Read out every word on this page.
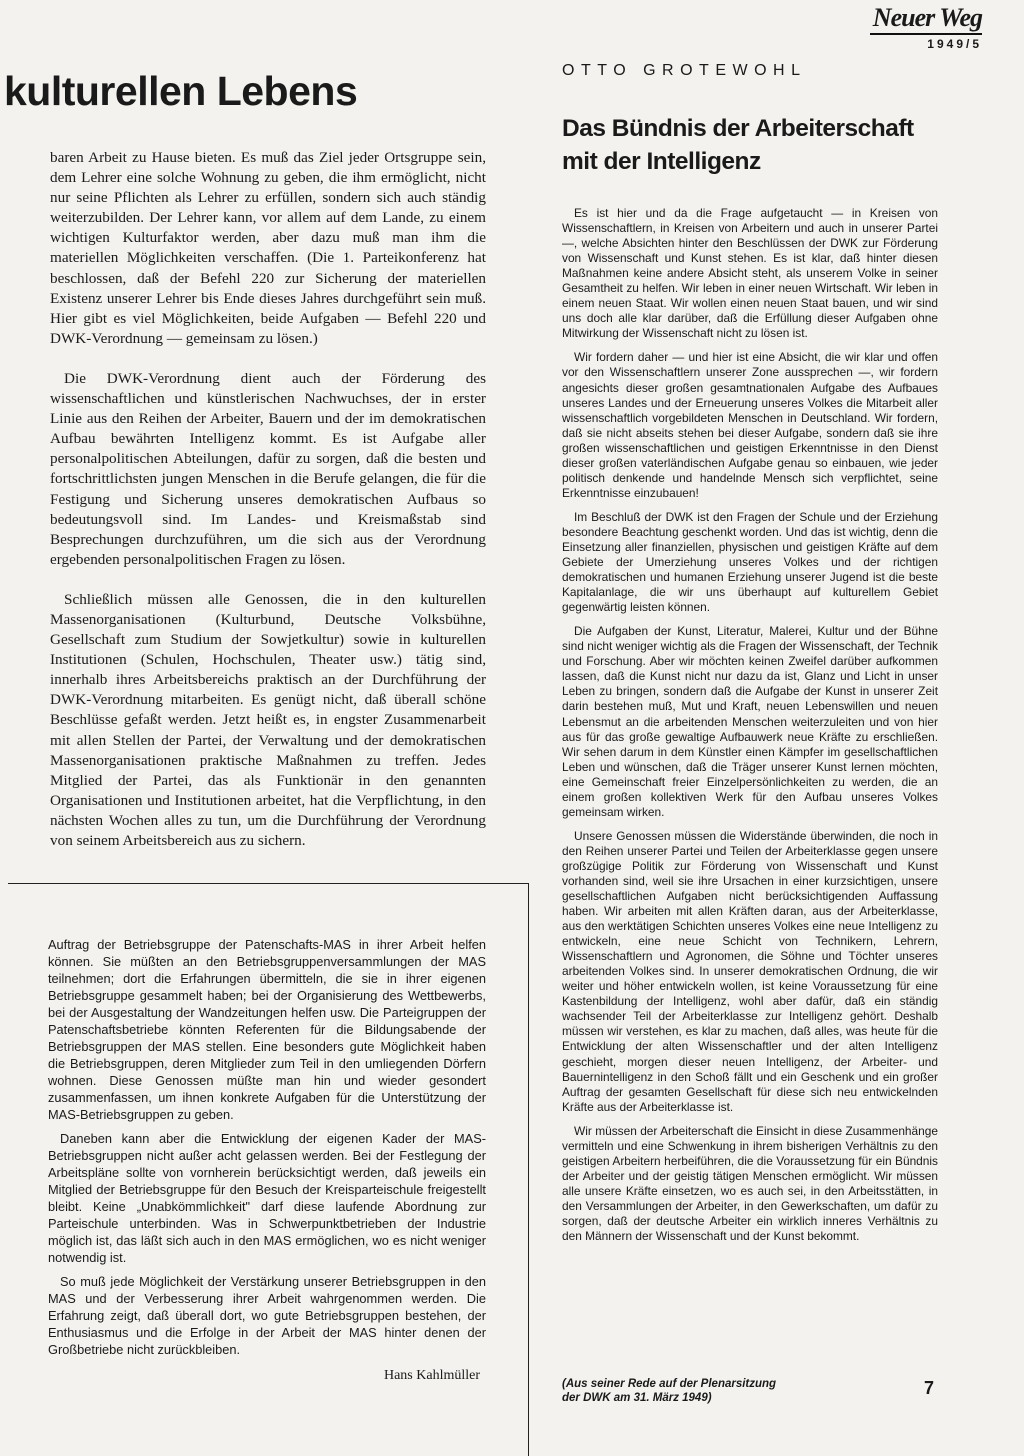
Neuer Weg
1949/5
kulturellen Lebens

baren Arbeit zu Hause bieten. Es muß das Ziel jeder Ortsgruppe sein, dem Lehrer eine solche Wohnung zu geben, die ihm ermöglicht, nicht nur seine Pflichten als Lehrer zu erfüllen, sondern sich auch ständig weiterzubilden. Der Lehrer kann, vor allem auf dem Lande, zu einem wichtigen Kulturfaktor werden, aber dazu muß man ihm die materiellen Möglichkeiten verschaffen. (Die 1. Parteikonferenz hat beschlossen, daß der Befehl 220 zur Sicherung der materiellen Existenz unserer Lehrer bis Ende dieses Jahres durchgeführt sein muß. Hier gibt es viel Möglichkeiten, beide Aufgaben — Befehl 220 und DWK-Verordnung — gemeinsam zu lösen.)

Die DWK-Verordnung dient auch der Förderung des wissenschaftlichen und künstlerischen Nachwuchses, der in erster Linie aus den Reihen der Arbeiter, Bauern und der im demokratischen Aufbau bewährten Intelligenz kommt. Es ist Aufgabe aller personalpolitischen Abteilungen, dafür zu sorgen, daß die besten und fortschrittlichsten jungen Menschen in die Berufe gelangen, die für die Festigung und Sicherung unseres demokratischen Aufbaus so bedeutungsvoll sind. Im Landes- und Kreismaßstab sind Besprechungen durchzuführen, um die sich aus der Verordnung ergebenden personalpolitischen Fragen zu lösen.

Schließlich müssen alle Genossen, die in den kulturellen Massenorganisationen (Kulturbund, Deutsche Volksbühne, Gesellschaft zum Studium der Sowjetkultur) sowie in kulturellen Institutionen (Schulen, Hochschulen, Theater usw.) tätig sind, innerhalb ihres Arbeitsbereichs praktisch an der Durchführung der DWK-Verordnung mitarbeiten. Es genügt nicht, daß überall schöne Beschlüsse gefaßt werden. Jetzt heißt es, in engster Zusammenarbeit mit allen Stellen der Partei, der Verwaltung und der demokratischen Massenorganisationen praktische Maßnahmen zu treffen. Jedes Mitglied der Partei, das als Funktionär in den genannten Organisationen und Institutionen arbeitet, hat die Verpflichtung, in den nächsten Wochen alles zu tun, um die Durchführung der Verordnung von seinem Arbeitsbereich aus zu sichern.

Auftrag der Betriebsgruppe der Patenschafts-MAS in ihrer Arbeit helfen können. Sie müßten an den Betriebsgruppenversammlungen der MAS teilnehmen; dort die Erfahrungen übermitteln, die sie in ihrer eigenen Betriebsgruppe gesammelt haben; bei der Organisierung des Wettbewerbs, bei der Ausgestaltung der Wandzeitungen helfen usw. Die Parteigruppen der Patenschaftsbetriebe könnten Referenten für die Bildungsabende der Betriebsgruppen der MAS stellen. Eine besonders gute Möglichkeit haben die Betriebsgruppen, deren Mitglieder zum Teil in den umliegenden Dörfern wohnen. Diese Genossen müßte man hin und wieder gesondert zusammenfassen, um ihnen konkrete Aufgaben für die Unterstützung der MAS-Betriebsgruppen zu geben.

Daneben kann aber die Entwicklung der eigenen Kader der MAS-Betriebsgruppen nicht außer acht gelassen werden. Bei der Festlegung der Arbeitspläne sollte von vornherein berücksichtigt werden, daß jeweils ein Mitglied der Betriebsgruppe für den Besuch der Kreisparteischule freigestellt bleibt. Keine „Unabkömmlichkeit" darf diese laufende Abordnung zur Parteischule unterbinden. Was in Schwerpunktbetrieben der Industrie möglich ist, das läßt sich auch in den MAS ermöglichen, wo es nicht weniger notwendig ist.

So muß jede Möglichkeit der Verstärkung unserer Betriebsgruppen in den MAS und der Verbesserung ihrer Arbeit wahrgenommen werden. Die Erfahrung zeigt, daß überall dort, wo gute Betriebsgruppen bestehen, der Enthusiasmus und die Erfolge in der Arbeit der MAS hinter denen der Großbetriebe nicht zurückbleiben.

Hans Kahlmüller
OTTO GROTEWOHL
Das Bündnis der Arbeiterschaft
mit der Intelligenz

Es ist hier und da die Frage aufgetaucht — in Kreisen von Wissenschaftlern, in Kreisen von Arbeitern und auch in unserer Partei —, welche Absichten hinter den Beschlüssen der DWK zur Förderung von Wissenschaft und Kunst stehen. Es ist klar, daß hinter diesen Maßnahmen keine andere Absicht steht, als unserem Volke in seiner Gesamtheit zu helfen. Wir leben in einer neuen Wirtschaft. Wir leben in einem neuen Staat. Wir wollen einen neuen Staat bauen, und wir sind uns doch alle klar darüber, daß die Erfüllung dieser Aufgaben ohne Mitwirkung der Wissenschaft nicht zu lösen ist.

Wir fordern daher — und hier ist eine Absicht, die wir klar und offen vor den Wissenschaftlern unserer Zone aussprechen —, wir fordern angesichts dieser großen gesamtnationalen Aufgabe des Aufbaues unseres Landes und der Erneuerung unseres Volkes die Mitarbeit aller wissenschaftlich vorgebildeten Menschen in Deutschland. Wir fordern, daß sie nicht abseits stehen bei dieser Aufgabe, sondern daß sie ihre großen wissenschaftlichen und geistigen Erkenntnisse in den Dienst dieser großen vaterländischen Aufgabe genau so einbauen, wie jeder politisch denkende und handelnde Mensch sich verpflichtet, seine Erkenntnisse einzubauen!

Im Beschluß der DWK ist den Fragen der Schule und der Erziehung besondere Beachtung geschenkt worden. Und das ist wichtig, denn die Einsetzung aller finanziellen, physischen und geistigen Kräfte auf dem Gebiete der Umerziehung unseres Volkes und der richtigen demokratischen und humanen Erziehung unserer Jugend ist die beste Kapitalanlage, die wir uns überhaupt auf kulturellem Gebiet gegenwärtig leisten können.

Die Aufgaben der Kunst, Literatur, Malerei, Kultur und der Bühne sind nicht weniger wichtig als die Fragen der Wissenschaft, der Technik und Forschung. Aber wir möchten keinen Zweifel darüber aufkommen lassen, daß die Kunst nicht nur dazu da ist, Glanz und Licht in unser Leben zu bringen, sondern daß die Aufgabe der Kunst in unserer Zeit darin bestehen muß, Mut und Kraft, neuen Lebenswillen und neuen Lebensmut an die arbeitenden Menschen weiterzuleiten und von hier aus für das große gewaltige Aufbauwerk neue Kräfte zu erschließen. Wir sehen darum in dem Künstler einen Kämpfer im gesellschaftlichen Leben und wünschen, daß die Träger unserer Kunst lernen möchten, eine Gemeinschaft freier Einzelpersönlichkeiten zu werden, die an einem großen kollektiven Werk für den Aufbau unseres Volkes gemeinsam wirken.

Unsere Genossen müssen die Widerstände überwinden, die noch in den Reihen unserer Partei und Teilen der Arbeiterklasse gegen unsere großzügige Politik zur Förderung von Wissenschaft und Kunst vorhanden sind, weil sie ihre Ursachen in einer kurzsichtigen, unsere gesellschaftlichen Aufgaben nicht berücksichtigenden Auffassung haben. Wir arbeiten mit allen Kräften daran, aus der Arbeiterklasse, aus den werktätigen Schichten unseres Volkes eine neue Intelligenz zu entwickeln, eine neue Schicht von Technikern, Lehrern, Wissenschaftlern und Agronomen, die Söhne und Töchter unseres arbeitenden Volkes sind. In unserer demokratischen Ordnung, die wir weiter und höher entwickeln wollen, ist keine Voraussetzung für eine Kastenbildung der Intelligenz, wohl aber dafür, daß ein ständig wachsender Teil der Arbeiterklasse zur Intelligenz gehört. Deshalb müssen wir verstehen, es klar zu machen, daß alles, was heute für die Entwicklung der alten Wissenschaftler und der alten Intelligenz geschieht, morgen dieser neuen Intelligenz, der Arbeiter- und Bauernintelligenz in den Schoß fällt und ein Geschenk und ein großer Auftrag der gesamten Gesellschaft für diese sich neu entwickelnden Kräfte aus der Arbeiterklasse ist.

Wir müssen der Arbeiterschaft die Einsicht in diese Zusammenhänge vermitteln und eine Schwenkung in ihrem bisherigen Verhältnis zu den geistigen Arbeitern herbeiführen, die die Voraussetzung für ein Bündnis der Arbeiter und der geistig tätigen Menschen ermöglicht. Wir müssen alle unsere Kräfte einsetzen, wo es auch sei, in den Arbeitsstätten, in den Versammlungen der Arbeiter, in den Gewerkschaften, um dafür zu sorgen, daß der deutsche Arbeiter ein wirklich inneres Verhältnis zu den Männern der Wissenschaft und der Kunst bekommt.

(Aus seiner Rede auf der Plenarsitzung
der DWK am 31. März 1949)	7
